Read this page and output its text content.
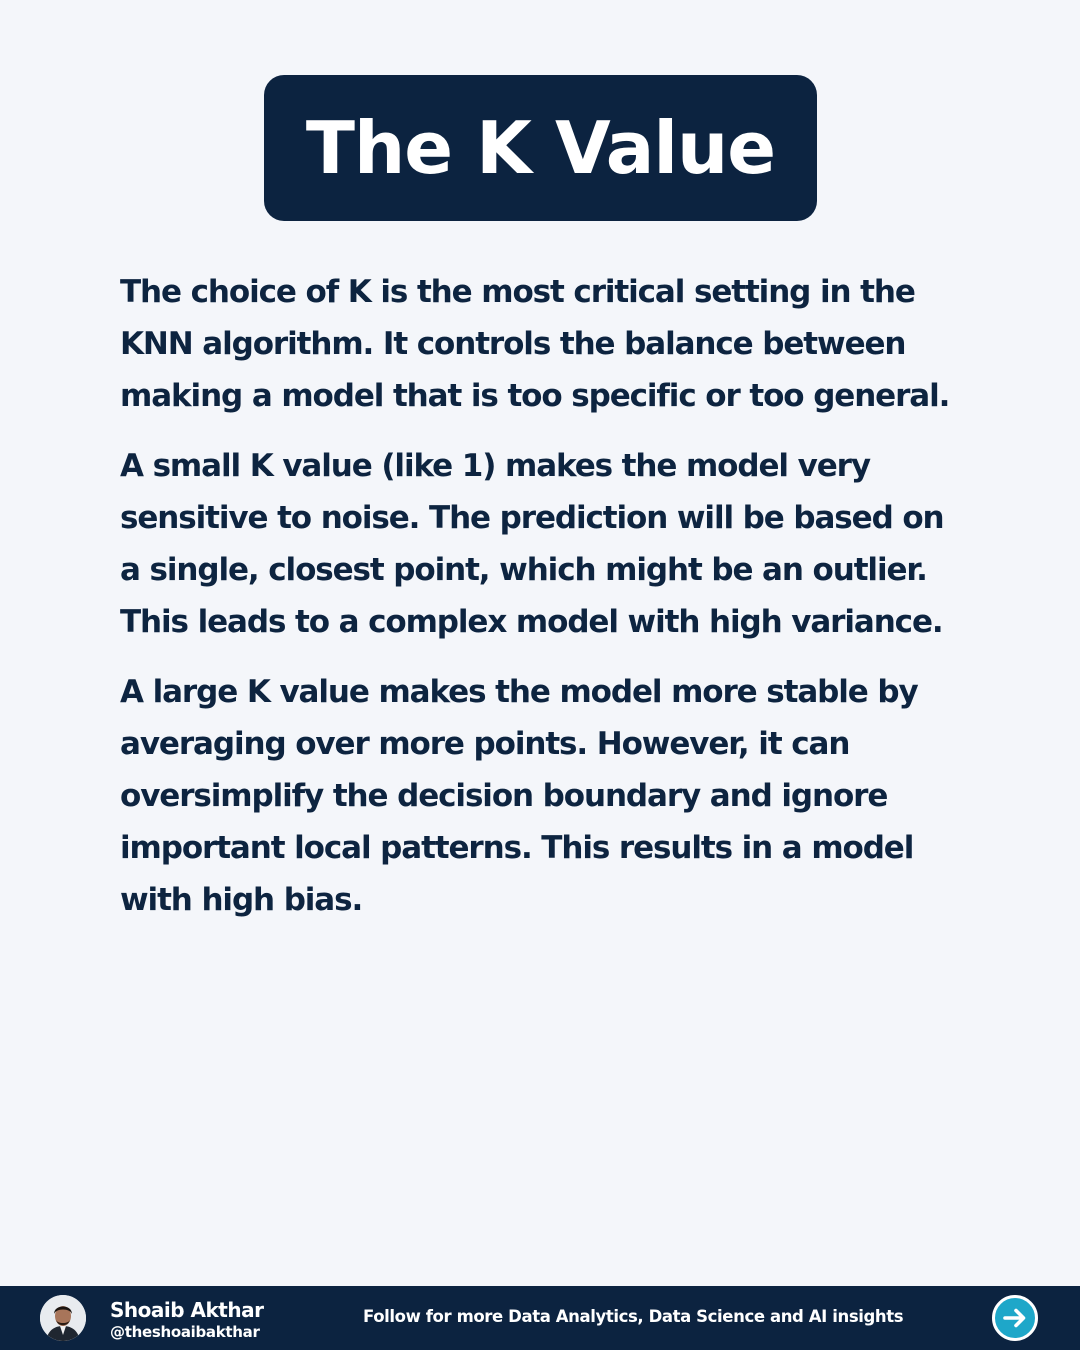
The K Value

The choice of K is the most critical setting in the KNN algorithm. It controls the balance between making a model that is too specific or too general.

A small K value (like 1) makes the model very sensitive to noise. The prediction will be based on a single, closest point, which might be an outlier. This leads to a complex model with high variance.

A large K value makes the model more stable by averaging over more points. However, it can oversimplify the decision boundary and ignore important local patterns. This results in a model with high bias.

Shoaib Akthar
@theshoaibakthar
Follow for more Data Analytics, Data Science and AI insights
